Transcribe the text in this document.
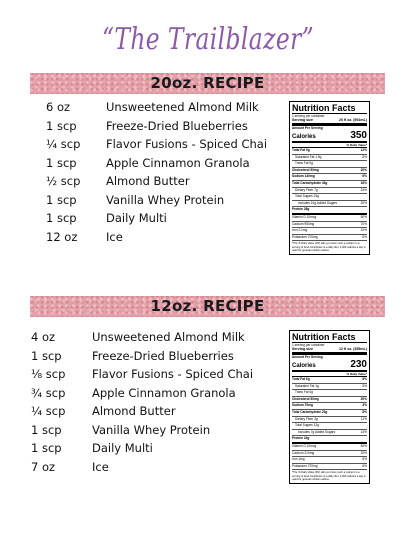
“The Trailblazer”
20oz. RECIPE
6 oz	Unsweetened Almond Milk
1 scp	Freeze-Dried Blueberries
¼ scp Flavor Fusions - Spiced Chai
1 scp	Apple Cinnamon Granola
½ scp Almond Butter
1 scp	Vanilla Whey Protein
1 scp	Daily Multi
12 oz Ice
Nutrition Facts
1 serving per container
Serving size	20 fl oz. (591mL)
Amount Per Serving
Calories	350
% Daily Value*
Total Fat 9g	12%
Saturated Fat 1.5g	8%
Trans Fat 0g
Cholesterol 50mg	20%
Sodium 140mg	6%
Total Carbohydrate 43g	16%
Dietary Fiber 7g	24%
Total Sugars 24g
Includes 10g Added Sugars	20%
Protein 28g
Vitamin D 10mcg	50%
Calcium 950mg	70%
Iron 2.1mg	10%
Potassium 270mg	6%
*The % Daily Value (DV) tells you how much a nutrient in a serving of food contributes to a daily diet. 2,000 calories a day is used for general nutrition advice.
12oz. RECIPE
4 oz	Unsweetened Almond Milk
1 scp	Freeze-Dried Blueberries
⅛ scp Flavor Fusions - Spiced Chai
¾ scp Apple Cinnamon Granola
¼ scp Almond Butter
1 scp	Vanilla Whey Protein
1 scp	Daily Multi
7 oz	Ice
Nutrition Facts
1 serving per container
Serving size	12 fl oz. (355mL)
Amount Per Serving
Calories	230
% Daily Value*
Total Fat 6g	8%
Saturated Fat 1g	5%
Trans Fat 0g
Cholesterol 50mg	20%
Sodium 70mg	3%
Total Carbohydrate 23g	8%
Dietary Fiber 3g	11%
Total Sugars 12g
Includes 7g Added Sugars	14%
Protein 24g
Vitamin D 10mcg	50%
Calcium 210mg	20%
Iron 1mg	6%
Potassium 270mg	6%
*The % Daily Value (DV) tells you how much a nutrient in a serving of food contributes to a daily diet. 2,000 calories a day is used for general nutrition advice.
